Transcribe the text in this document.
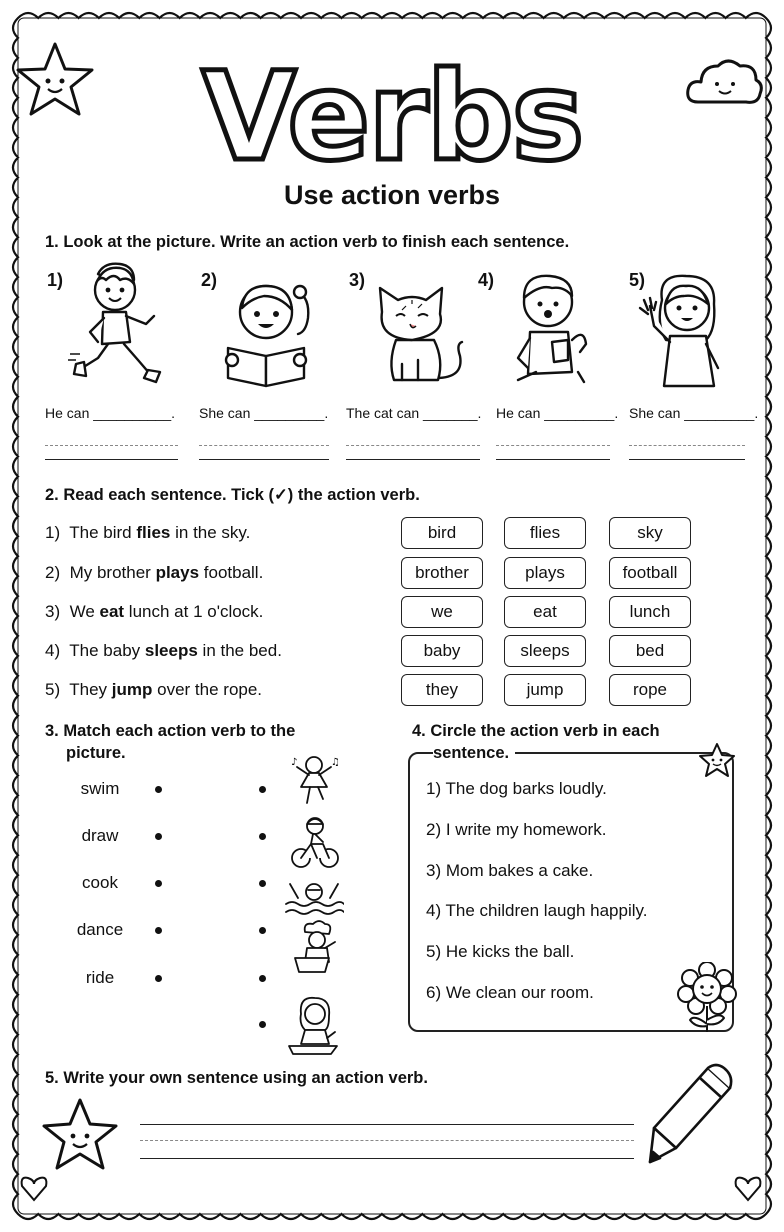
Verbs
Use action verbs
1. Look at the picture. Write an action verb to finish each sentence.
1)	2)	3)	4)	5)
He can __________. She can _________. The cat can _______. He can _________. She can _________.
2. Read each sentence. Tick (✓) the action verb.
1) The bird flies in the sky.
2) My brother plays football.
3) We eat lunch at 1 o'clock.
4) The baby sleeps in the bed.
5) They jump over the rope.
bird	flies	sky
brother	plays	football
we	eat	lunch
baby	sleeps	bed
they	jump	rope
3. Match each action verb to the
picture.
swim
draw
cook
dance
ride
♪	♫
4. Circle the action verb in each
sentence.
1) The dog barks loudly.
2) I write my homework.
3) Mom bakes a cake.
4) The children laugh happily.
5) He kicks the ball.
6) We clean our room.
5. Write your own sentence using an action verb.
